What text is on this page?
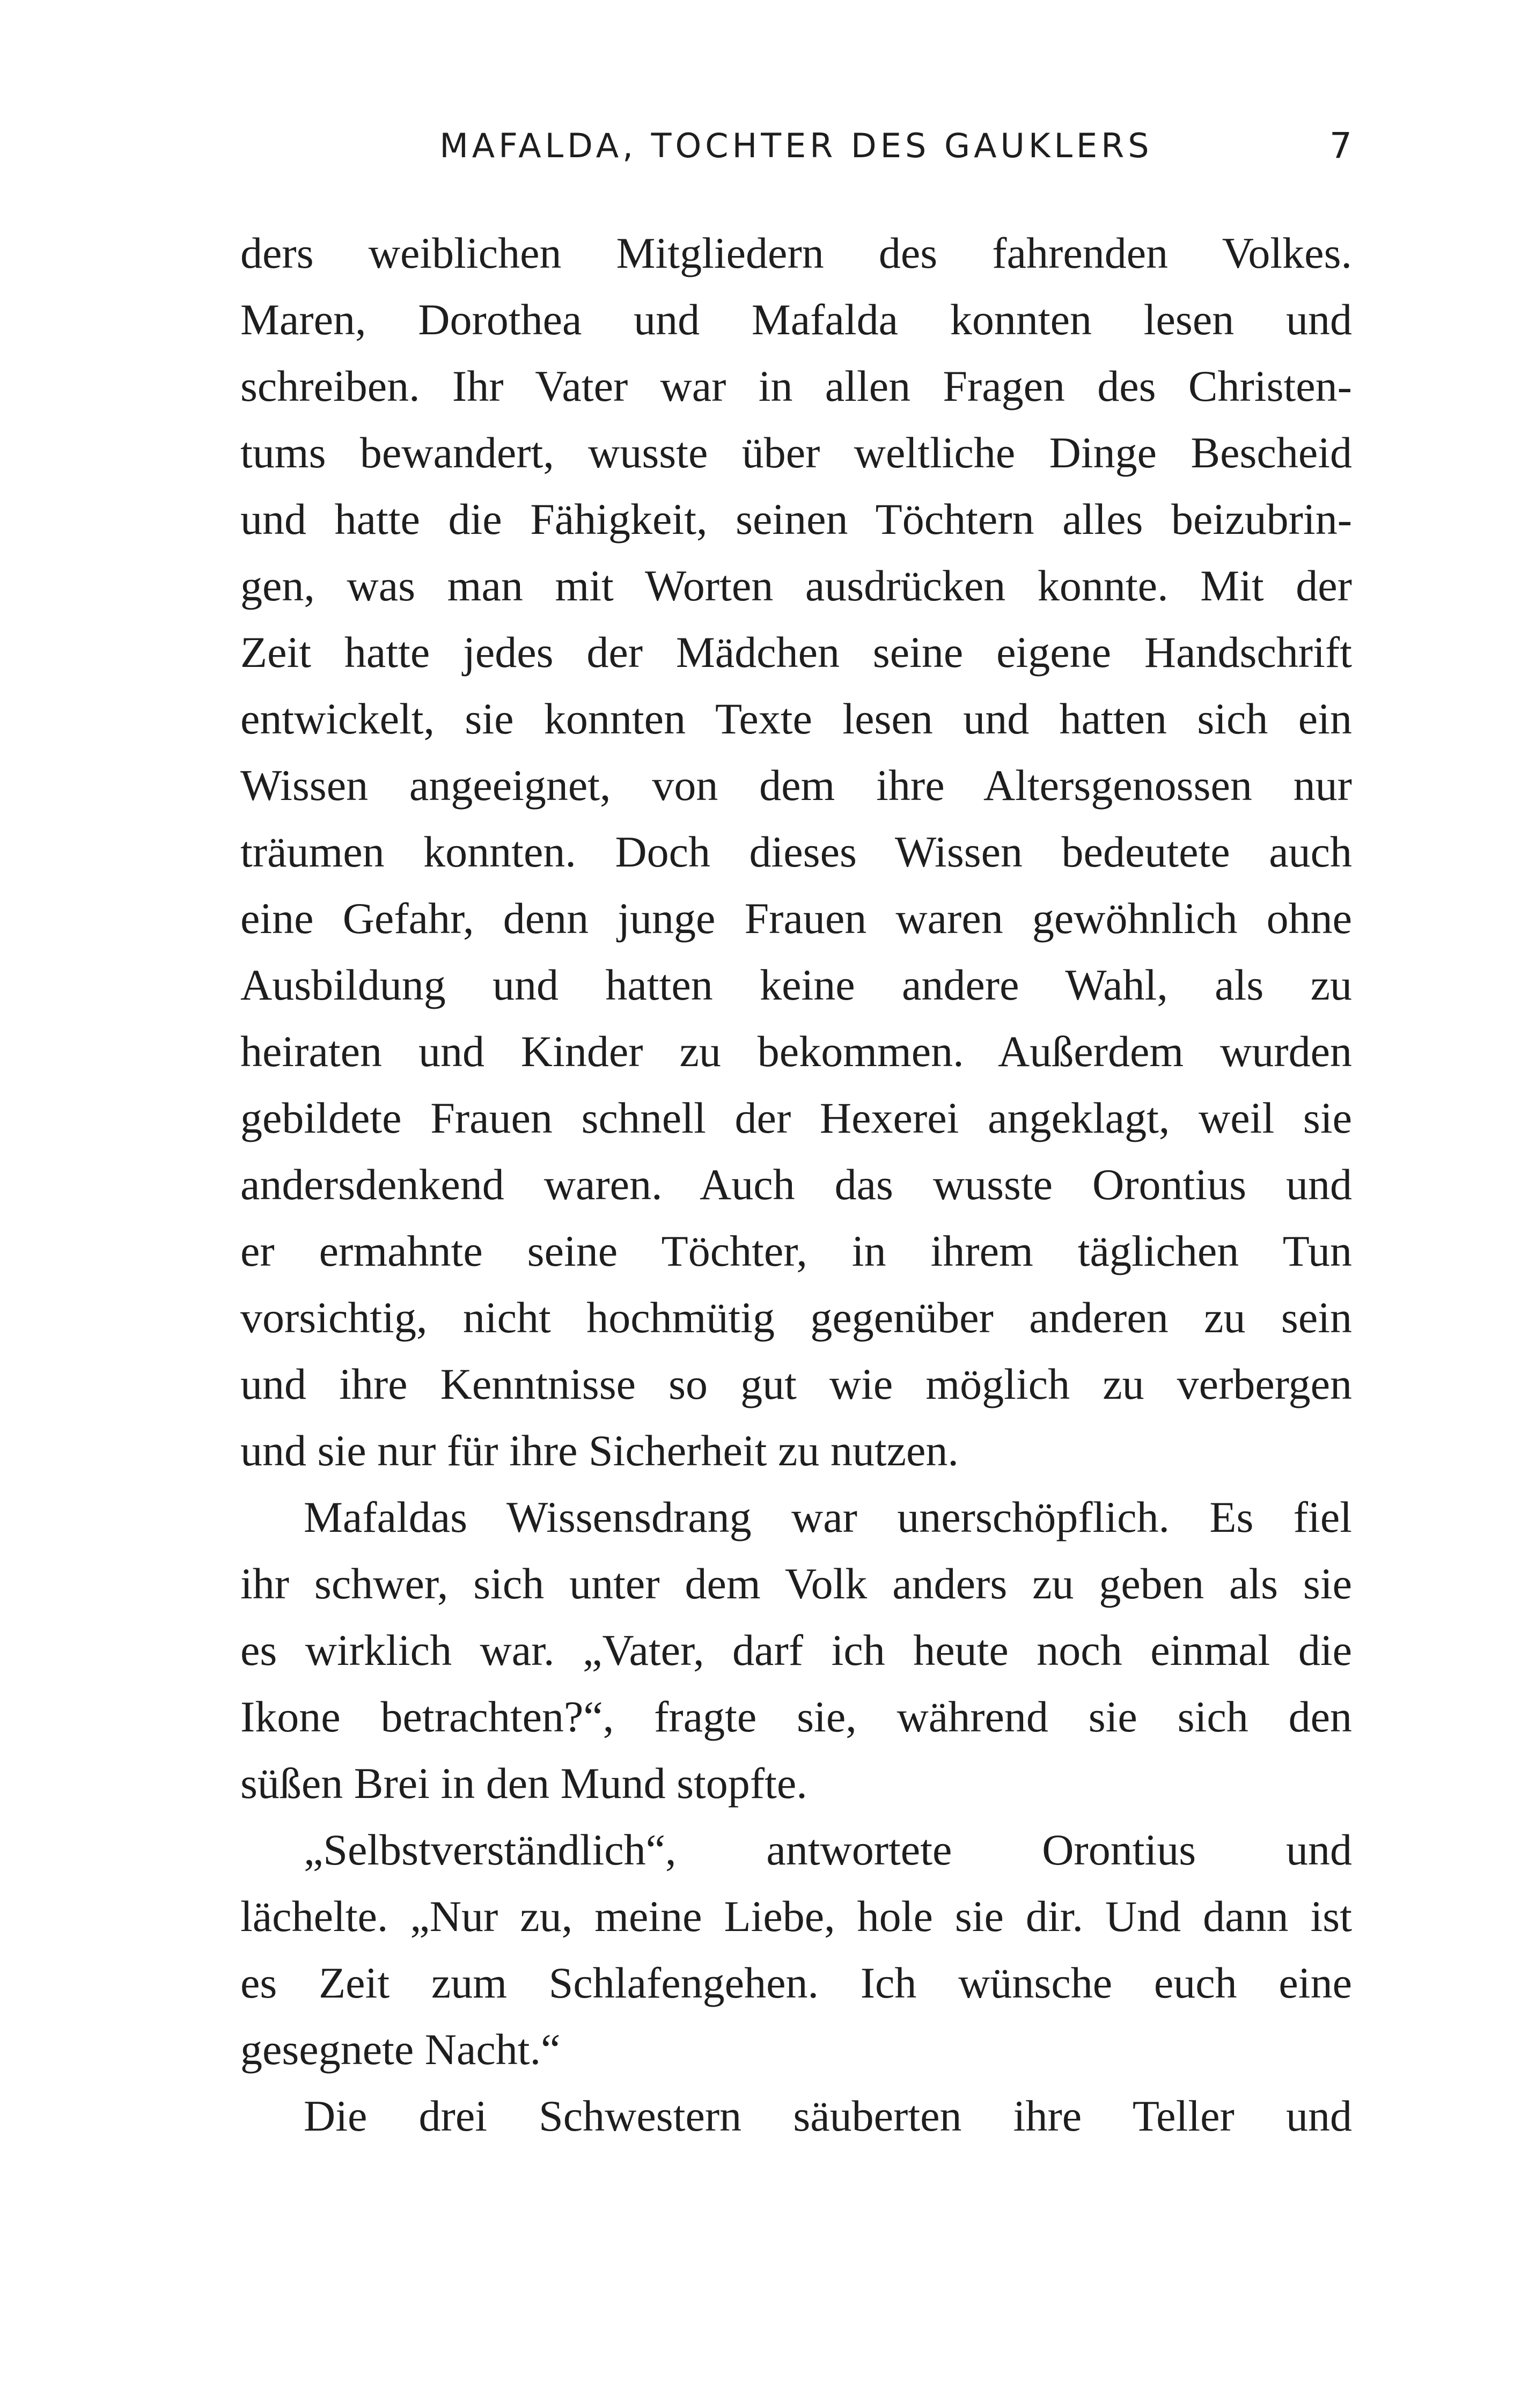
MAFALDA, TOCHTER DES GAUKLERS	7
ders weiblichen Mitgliedern des fahrenden Volkes.
Maren, Dorothea und Mafalda konnten lesen und
schreiben. Ihr Vater war in allen Fragen des Christen-
tums bewandert, wusste über weltliche Dinge Bescheid
und hatte die Fähigkeit, seinen Töchtern alles beizubrin-
gen, was man mit Worten ausdrücken konnte. Mit der
Zeit hatte jedes der Mädchen seine eigene Handschrift
entwickelt, sie konnten Texte lesen und hatten sich ein
Wissen angeeignet, von dem ihre Altersgenossen nur
träumen konnten. Doch dieses Wissen bedeutete auch
eine Gefahr, denn junge Frauen waren gewöhnlich ohne
Ausbildung und hatten keine andere Wahl, als zu
heiraten und Kinder zu bekommen. Außerdem wurden
gebildete Frauen schnell der Hexerei angeklagt, weil sie
andersdenkend waren. Auch das wusste Orontius und
er ermahnte seine Töchter, in ihrem täglichen Tun
vorsichtig, nicht hochmütig gegenüber anderen zu sein
und ihre Kenntnisse so gut wie möglich zu verbergen
und sie nur für ihre Sicherheit zu nutzen.
Mafaldas Wissensdrang war unerschöpflich. Es fiel
ihr schwer, sich unter dem Volk anders zu geben als sie
es wirklich war. „Vater, darf ich heute noch einmal die
Ikone betrachten?“, fragte sie, während sie sich den
süßen Brei in den Mund stopfte.
„Selbstverständlich“, antwortete Orontius und
lächelte. „Nur zu, meine Liebe, hole sie dir. Und dann ist
es Zeit zum Schlafengehen. Ich wünsche euch eine
gesegnete Nacht.“
Die drei Schwestern säuberten ihre Teller und
